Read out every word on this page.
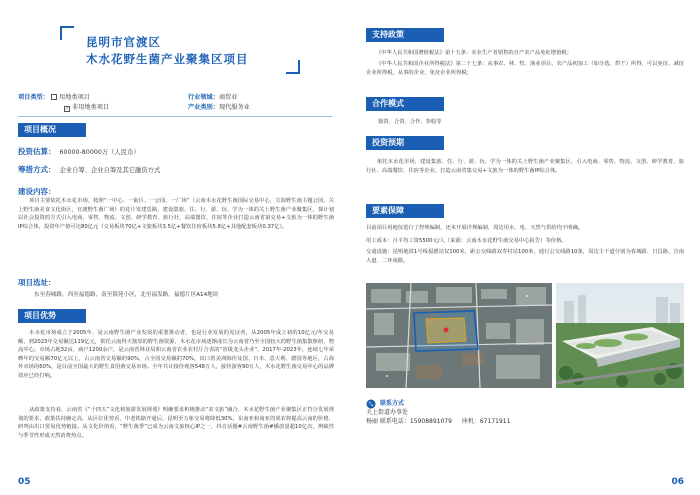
昆明市官渡区
木水花野生菌产业聚集区项目
项目类型： 用地类项目
✓ 非用地类项目
行业领域：商贸业
产业类别：现代服务业
项目概况
投资估算： 60000-80000万（人民币）
筹措方式： 企业自筹、企业自筹及其它融资方式
建设内容：
项目主要依托木水花市场，按照“一中心、一街区、一公园、一广场”（云南木水花野生菌国际交易中心，宝海野生菌主题公园，关上野生菌美食文化街区，官渡野生菌广场）的花片发建思路，建设集旅、住、行、游、玩、学为一体的关上野生菌产业聚集区，探计划以社会投资的方式引入电商、零售、物流、文创、研学教育、旅行社、高端餐饮、住宿等企业打造云南省第交易+文旅为一体的野生菌IP综合体，投资年产值可达80亿元（交易板块70亿+文旅板块3.5亿+餐饮住宿板块5.8亿+其他配套板块0.37亿）。
项目选址：
东至春城路，西至福德路，南至银苑小区，北至福发路，福德片区A14地块
项目优势
木水花市场成立于2005年，是云南野生菌产业发展的重要推动者，也是行业发展的见证者，从2005年成立初的10亿元/年交易额，到2023年交易额达119亿元，依托云南得天独厚的野生菌资源，木水花市场逐渐成长为云南省乃至全国较大的野生菌集散枢纽，物流中心。市场占地32亩，商户1200余户，是云南省林业局和云南省农业农村厅合表的“省级龙头企业”，2017年-2023年，连续七年荣膺年的交易额70亿元以上，占云南省交易额的90%，占全国交易额的70%，出口着美洲韩佳及国、日本、意大利、德国等地区，占海外市场的60%，是目前全国最大的野生食用菌交易市场。全年共计接待观客548万人，接待游客90万人，木水花野生菌交易中心的品牌效应已经打响。
从政策支持看，云南省《“十四五”文化和旅游发展规划》明确要求积极推动“农文旅”融合，木水花野生菌产业聚集区正符合发展规划的要求，政策扶持确定高，从区位优势看，中老铁路开通后，昆明至万象交易将降低30%，东南亚和南亚的果农将提高云南的价格，研判由出口贸易优势链接。从文化价值看，“野生菌季”已成为云南文旅核心IP之一，抖音话题#云南野生菌#播放量超10亿次，辨缺性与季节性形成天然消费热点。
05
支持政策
《中华人民共和国增值税法》第十五条：农业生产者销售的自产农产品免征增值税；
《中华人民共和国企业所得税法》第二十七条：从事农、林、牧、渔业项目，农产品初加工（如分选、烘干）所得，可以免征、减征企业所得税，从事的企业，免征企业所得税；
合作模式
独资、合资、合作、参股等
投资预期
依托木水花市场，建设集旅、住、行、游、玩、学为一体的关上野生菌产业聚集区，引入电商、零售、物流、文创、研学教育、旅行社、高端餐饮、住宿等企业，打造云南省集交易+文旅为一体的野生菌IP综合体。
要素保障
目前项目用地仅进行了控规编制，还未开展详规编制，周边用水、电、天然气供给均不明确。
用工成本：月平均工资5500元/人（来源：云南木水花野生菌交易中心报告）等价格。
交通设施：昆明地铁1号线福德站仅100米，距公交线路双寿村站100米，通行公交线路10条，周边主干道分别为春城路、日昌路、宣南大道、二环南路。
联系方式
关上街道办事处
杨丽 联系电话：15908891079 座机：67171911
06
